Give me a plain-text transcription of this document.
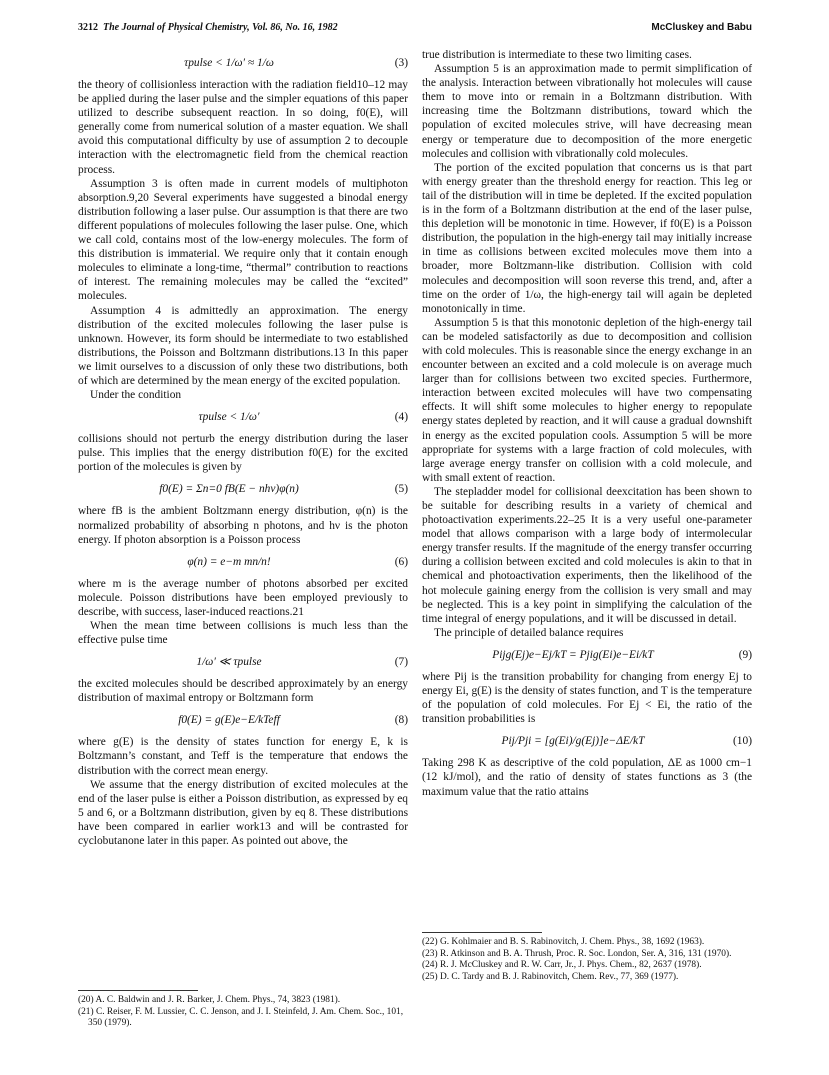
3212 The Journal of Physical Chemistry, Vol. 86, No. 16, 1982	McCluskey and Babu
τpulse < 1/ω′ ≈ 1/ω	(3)

the theory of collisionless interaction with the radiation field10–12 may be applied during the laser pulse and the simpler equations of this paper utilized to describe subsequent reaction. In so doing, f0(E), will generally come from numerical solution of a master equation. We shall avoid this computational difficulty by use of assumption 2 to decouple interaction with the electromagnetic field from the chemical reaction process.

Assumption 3 is often made in current models of multiphoton absorption.9,20 Several experiments have suggested a binodal energy distribution following a laser pulse. Our assumption is that there are two different populations of molecules following the laser pulse. One, which we call cold, contains most of the low-energy molecules. The form of this distribution is immaterial. We require only that it contain enough molecules to eliminate a long-time, “thermal” contribution to reactions of interest. The remaining molecules may be called the “excited” molecules.

Assumption 4 is admittedly an approximation. The energy distribution of the excited molecules following the laser pulse is unknown. However, its form should be intermediate to two established distributions, the Poisson and Boltzmann distributions.13 In this paper we limit ourselves to a discussion of only these two distributions, both of which are determined by the mean energy of the excited population.

Under the condition

τpulse < 1/ω′	(4)

collisions should not perturb the energy distribution during the laser pulse. This implies that the energy distribution f0(E) for the excited portion of the molecules is given by

f0(E) = Σn=0 fB(E − nhν)φ(n)	(5)

where fB is the ambient Boltzmann energy distribution, φ(n) is the normalized probability of absorbing n photons, and hν is the photon energy. If photon absorption is a Poisson process

φ(n) = e−m mn/n!	(6)

where m is the average number of photons absorbed per excited molecule. Poisson distributions have been employed previously to describe, with success, laser-induced reactions.21

When the mean time between collisions is much less than the effective pulse time

1/ω′ ≪ τpulse	(7)

the excited molecules should be described approximately by an energy distribution of maximal entropy or Boltzmann form

f0(E) = g(E)e−E/kTeff	(8)

where g(E) is the density of states function for energy E, k is Boltzmann’s constant, and Teff is the temperature that endows the distribution with the correct mean energy.

We assume that the energy distribution of excited molecules at the end of the laser pulse is either a Poisson distribution, as expressed by eq 5 and 6, or a Boltzmann distribution, given by eq 8. These distributions have been compared in earlier work13 and will be contrasted for cyclobutanone later in this paper. As pointed out above, the

true distribution is intermediate to these two limiting cases.

Assumption 5 is an approximation made to permit simplification of the analysis. Interaction between vibrationally hot molecules will cause them to move into or remain in a Boltzmann distribution. With increasing time the Boltzmann distributions, toward which the population of excited molecules strive, will have decreasing mean energy or temperature due to decomposition of the more energetic molecules and collision with vibrationally cold molecules.

The portion of the excited population that concerns us is that part with energy greater than the threshold energy for reaction. This leg or tail of the distribution will in time be depleted. If the excited population is in the form of a Boltzmann distribution at the end of the laser pulse, this depletion will be monotonic in time. However, if f0(E) is a Poisson distribution, the population in the high-energy tail may initially increase in time as collisions between excited molecules move them into a broader, more Boltzmann-like distribution. Collision with cold molecules and decomposition will soon reverse this trend, and, after a time on the order of 1/ω, the high-energy tail will again be depleted monotonically in time.

Assumption 5 is that this monotonic depletion of the high-energy tail can be modeled satisfactorily as due to decomposition and collision with cold molecules. This is reasonable since the energy exchange in an encounter between an excited and a cold molecule is on average much larger than for collisions between two excited species. Furthermore, interaction between excited molecules will have two compensating effects. It will shift some molecules to higher energy to repopulate energy states depleted by reaction, and it will cause a gradual downshift in energy as the excited population cools. Assumption 5 will be more appropriate for systems with a large fraction of cold molecules, with large average energy transfer on collision with a cold molecule, and with small extent of reaction.

The stepladder model for collisional deexcitation has been shown to be suitable for describing results in a variety of chemical and photoactivation experiments.22–25 It is a very useful one-parameter model that allows comparison with a large body of intermolecular energy transfer results. If the magnitude of the energy transfer occurring during a collision between excited and cold molecules is akin to that in chemical and photoactivation experiments, then the likelihood of the hot molecule gaining energy from the collision is very small and may be neglected. This is a key point in simplifying the calculation of the time integral of energy populations, and it will be discussed in detail.

The principle of detailed balance requires

Pijg(Ej)e−Ej/kT = Pjig(Ei)e−Ei/kT	(9)

where Pij is the transition probability for changing from energy Ej to energy Ei, g(E) is the density of states function, and T is the temperature of the population of cold molecules. For Ej < Ei, the ratio of the transition probabilities is

Pij/Pji = [g(Ei)/g(Ej)]e−ΔE/kT	(10)

Taking 298 K as descriptive of the cold population, ΔE as 1000 cm−1 (12 kJ/mol), and the ratio of density of states functions as 3 (the maximum value that the ratio attains

(20) A. C. Baldwin and J. R. Barker, J. Chem. Phys., 74, 3823 (1981).
(21) C. Reiser, F. M. Lussier, C. C. Jenson, and J. I. Steinfeld, J. Am. Chem. Soc., 101, 350 (1979).
(22) G. Kohlmaier and B. S. Rabinovitch, J. Chem. Phys., 38, 1692 (1963).
(23) R. Atkinson and B. A. Thrush, Proc. R. Soc. London, Ser. A, 316, 131 (1970).
(24) R. J. McCluskey and R. W. Carr, Jr., J. Phys. Chem., 82, 2637 (1978).
(25) D. C. Tardy and B. J. Rabinovitch, Chem. Rev., 77, 369 (1977).
